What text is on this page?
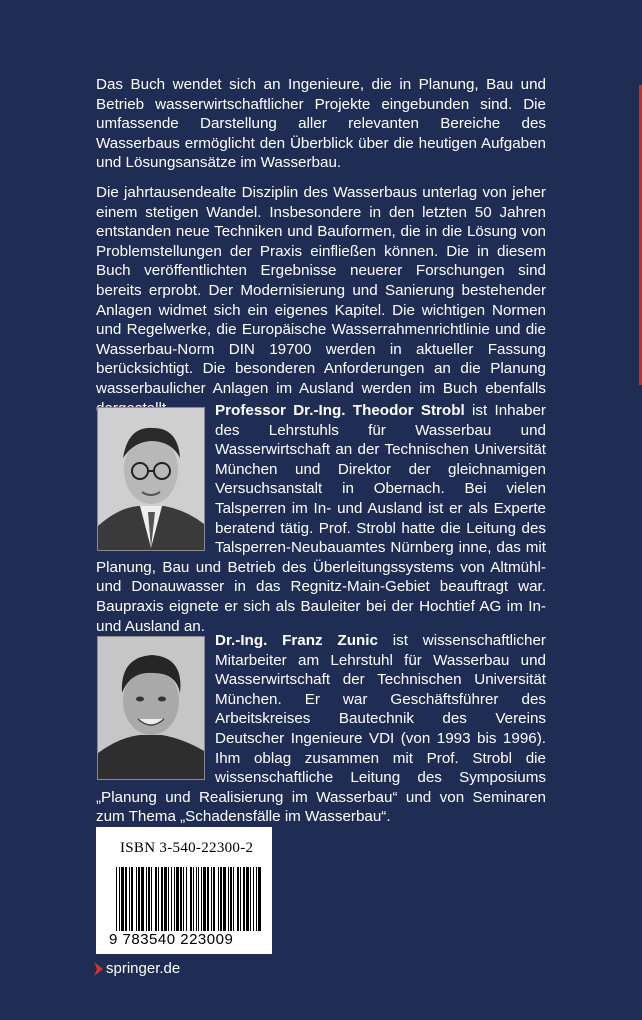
Das Buch wendet sich an Ingenieure, die in Planung, Bau und Betrieb wasserwirtschaftlicher Projekte eingebunden sind. Die umfassende Darstellung aller relevanten Bereiche des Wasserbaus ermöglicht den Überblick über die heutigen Aufgaben und Lösungsansätze im Wasserbau.

Die jahrtausendealte Disziplin des Wasserbaus unterlag von jeher einem stetigen Wandel. Insbesondere in den letzten 50 Jahren entstanden neue Techniken und Bauformen, die in die Lösung von Problemstellungen der Praxis einfließen können. Die in diesem Buch veröffentlichten Ergebnisse neuerer Forschungen sind bereits erprobt. Der Modernisierung und Sanierung bestehender Anlagen widmet sich ein eigenes Kapitel. Die wichtigen Normen und Regelwerke, die Europäische Wasserrahmenrichtlinie und die Wasserbau-Norm DIN 19700 werden in aktueller Fassung berücksichtigt. Die besonderen Anforderungen an die Planung wasserbaulicher Anlagen im Ausland werden im Buch ebenfalls

Professor Dr.-Ing. Theodor Strobl ist Inhaber des Lehrstuhls für Wasserbau und Wasserwirtschaft an der Technischen Universität München und Direktor der gleichnamigen Versuchsanstalt in Obernach. Bei vielen Talsperren im In- und Ausland ist er als Experte beratend tätig. Prof. Strobl hatte die Leitung des Talsperren-Neubauamtes Nürnberg inne, das mit Planung, Bau und Betrieb des Überleitungssystems von Altmühl- und Donauwasser in das Regnitz-Main-Gebiet beauftragt war. Baupraxis eignete er sich als Bauleiter bei der Hochtief AG im In- und Ausland an.
Dr.-Ing. Franz Zunic ist wissenschaftlicher Mitarbeiter am Lehrstuhl für Wasserbau und Wasserwirtschaft der Technischen Universität München. Er war Geschäftsführer des Arbeitskreises Bautechnik des Vereins Deutscher Ingenieure VDI (von 1993 bis 1996). Ihm oblag zusammen mit Prof. Strobl die wissenschaftliche Leitung des Symposiums „Planung und Realisierung im Wasserbau“ und von Seminaren zum Thema „Schadensfälle im Wasserbau“.
ISBN 3-540-22300-2
9 783540 223009
springer.de
